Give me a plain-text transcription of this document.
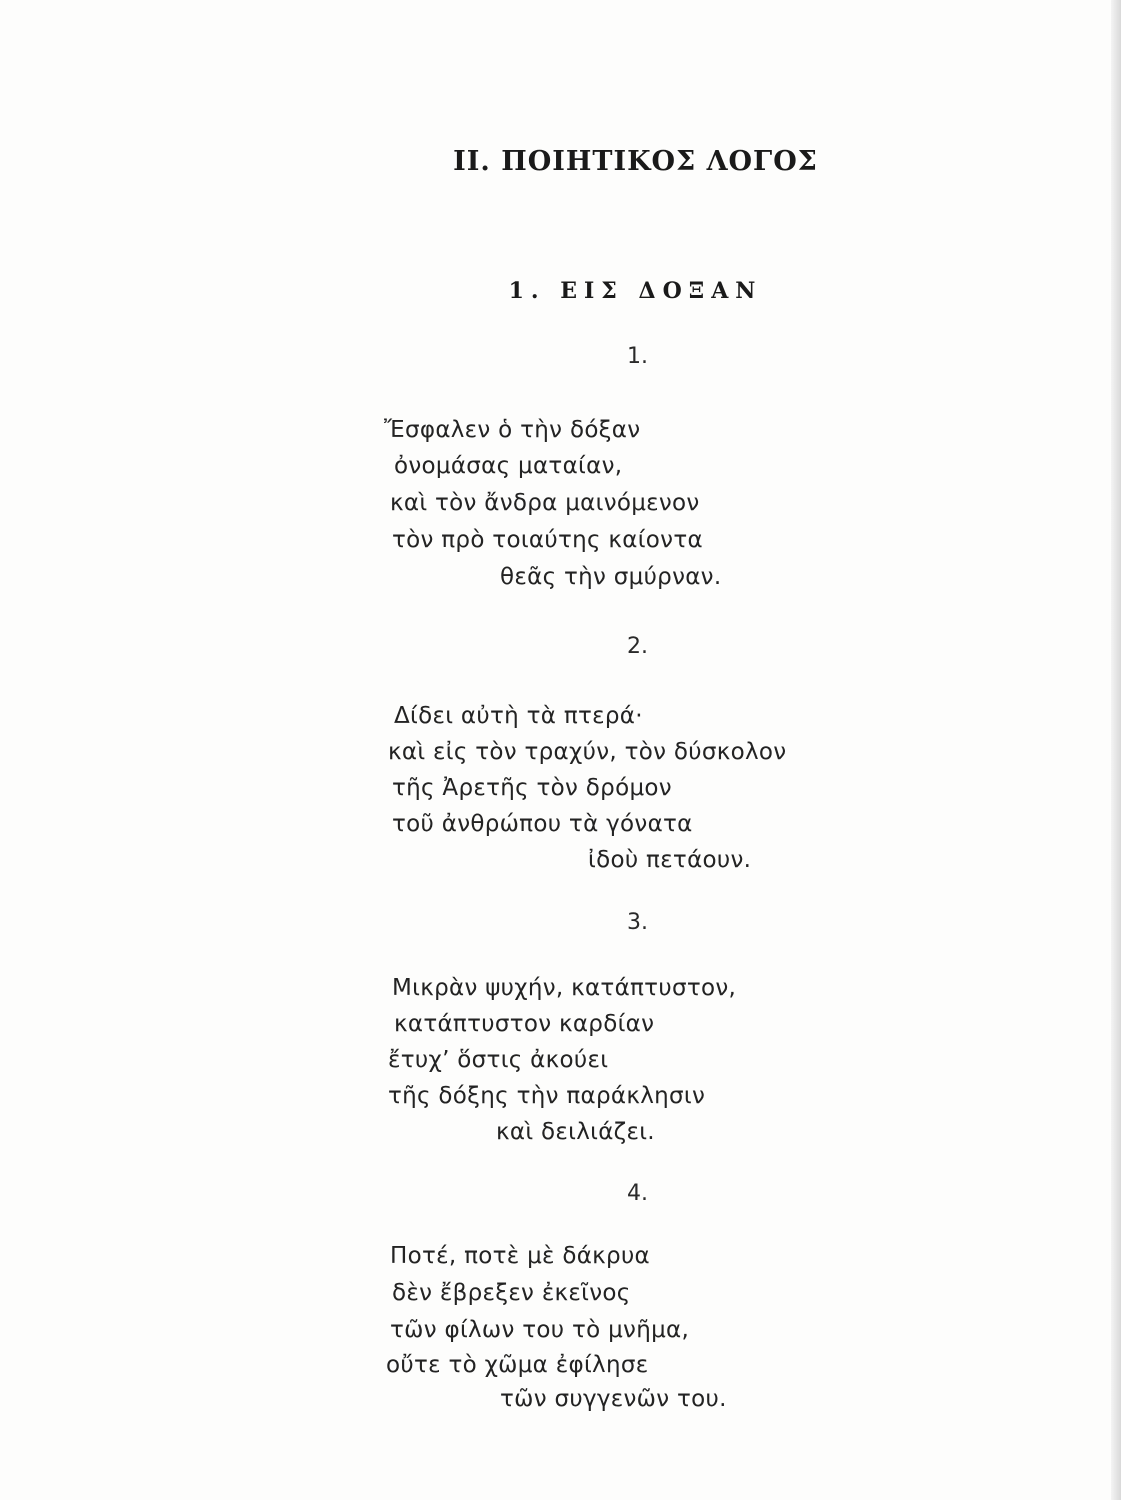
II. ΠΟΙΗΤΙΚΟΣ ΛΟΓΟΣ
1. ΕΙΣ ΔΟΞΑΝ
1.
Ἔσφαλεν ὁ τὴν δόξαν
ὀνομάσας ματαίαν,
καὶ τὸν ἄνδρα μαινόμενον
τὸν πρὸ τοιαύτης καίοντα
θεᾶς τὴν σμύρναν.
2.
Δίδει αὐτὴ τὰ πτερά·
καὶ εἰς τὸν τραχύν, τὸν δύσκολον
τῆς Ἀρετῆς τὸν δρόμον
τοῦ ἀνθρώπου τὰ γόνατα
ἰδοὺ πετάουν.
3.
Μικρὰν ψυχήν, κατάπτυστον,
κατάπτυστον καρδίαν
ἔτυχ’ ὅστις ἀκούει
τῆς δόξης τὴν παράκλησιν
καὶ δειλιάζει.
4.
Ποτέ, ποτὲ μὲ δάκρυα
δὲν ἔβρεξεν ἐκεῖνος
τῶν φίλων του τὸ μνῆμα,
οὔτε τὸ χῶμα ἐφίλησε
τῶν συγγενῶν του.
